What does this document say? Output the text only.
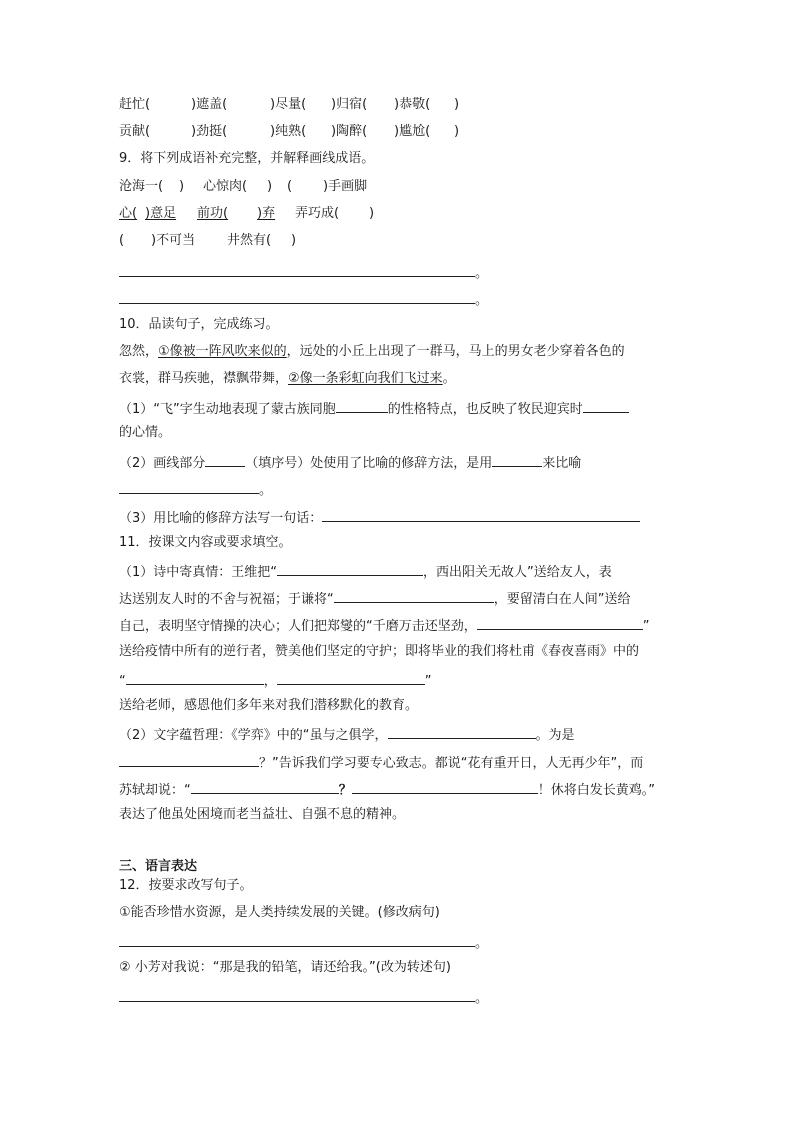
赶忙(	)遮盖(	)尽量( )归宿( )恭敬( )
贡献(	)劲挺(	)纯熟( )陶醉( )尴尬( )
9．将下列成语补充完整，并解释画线成语。
沧海一( ) 心惊肉( ) ( )手画脚
心( )意足 前功( )弃 弄巧成( )
( )不可当 井然有( )
。
。
10．品读句子，完成练习。
忽然，①像被一阵风吹来似的，远处的小丘上出现了一群马，马上的男女老少穿着各色的
衣裳，群马疾驰，襟飘带舞，②像一条彩虹向我们飞过来。
（1）“飞”字生动地表现了蒙古族同胞	的性格特点，也反映了牧民迎宾时
的心情。
（2）画线部分	（填序号）处使用了比喻的修辞方法，是用	来比喻
。
（3）用比喻的修辞方法写一句话：
11．按课文内容或要求填空。
（1）诗中寄真情：王维把“	，西出阳关无故人”送给友人，表
达送别友人时的不舍与祝福；于谦将“	，要留清白在人间”送给
自己，表明坚守情操的决心；人们把郑燮的“千磨万击还坚劲，	”
送给疫情中所有的逆行者，赞美他们坚定的守护；即将毕业的我们将杜甫《春夜喜雨》中的
“	，	”
送给老师，感恩他们多年来对我们潜移默化的教育。
（2）文字蕴哲理：《学弈》中的“虽与之俱学，	。为是
？”告诉我们学习要专心致志。都说“花有重开日，人无再少年”，而
苏轼却说：“	？	！休将白发长黄鸡。”
表达了他虽处困境而老当益壮、自强不息的精神。
三、语言表达
12．按要求改写句子。
①能否珍惜水资源，是人类持续发展的关键。(修改病句)
。
② 小芳对我说：“那是我的铅笔，请还给我。”(改为转述句)
。
